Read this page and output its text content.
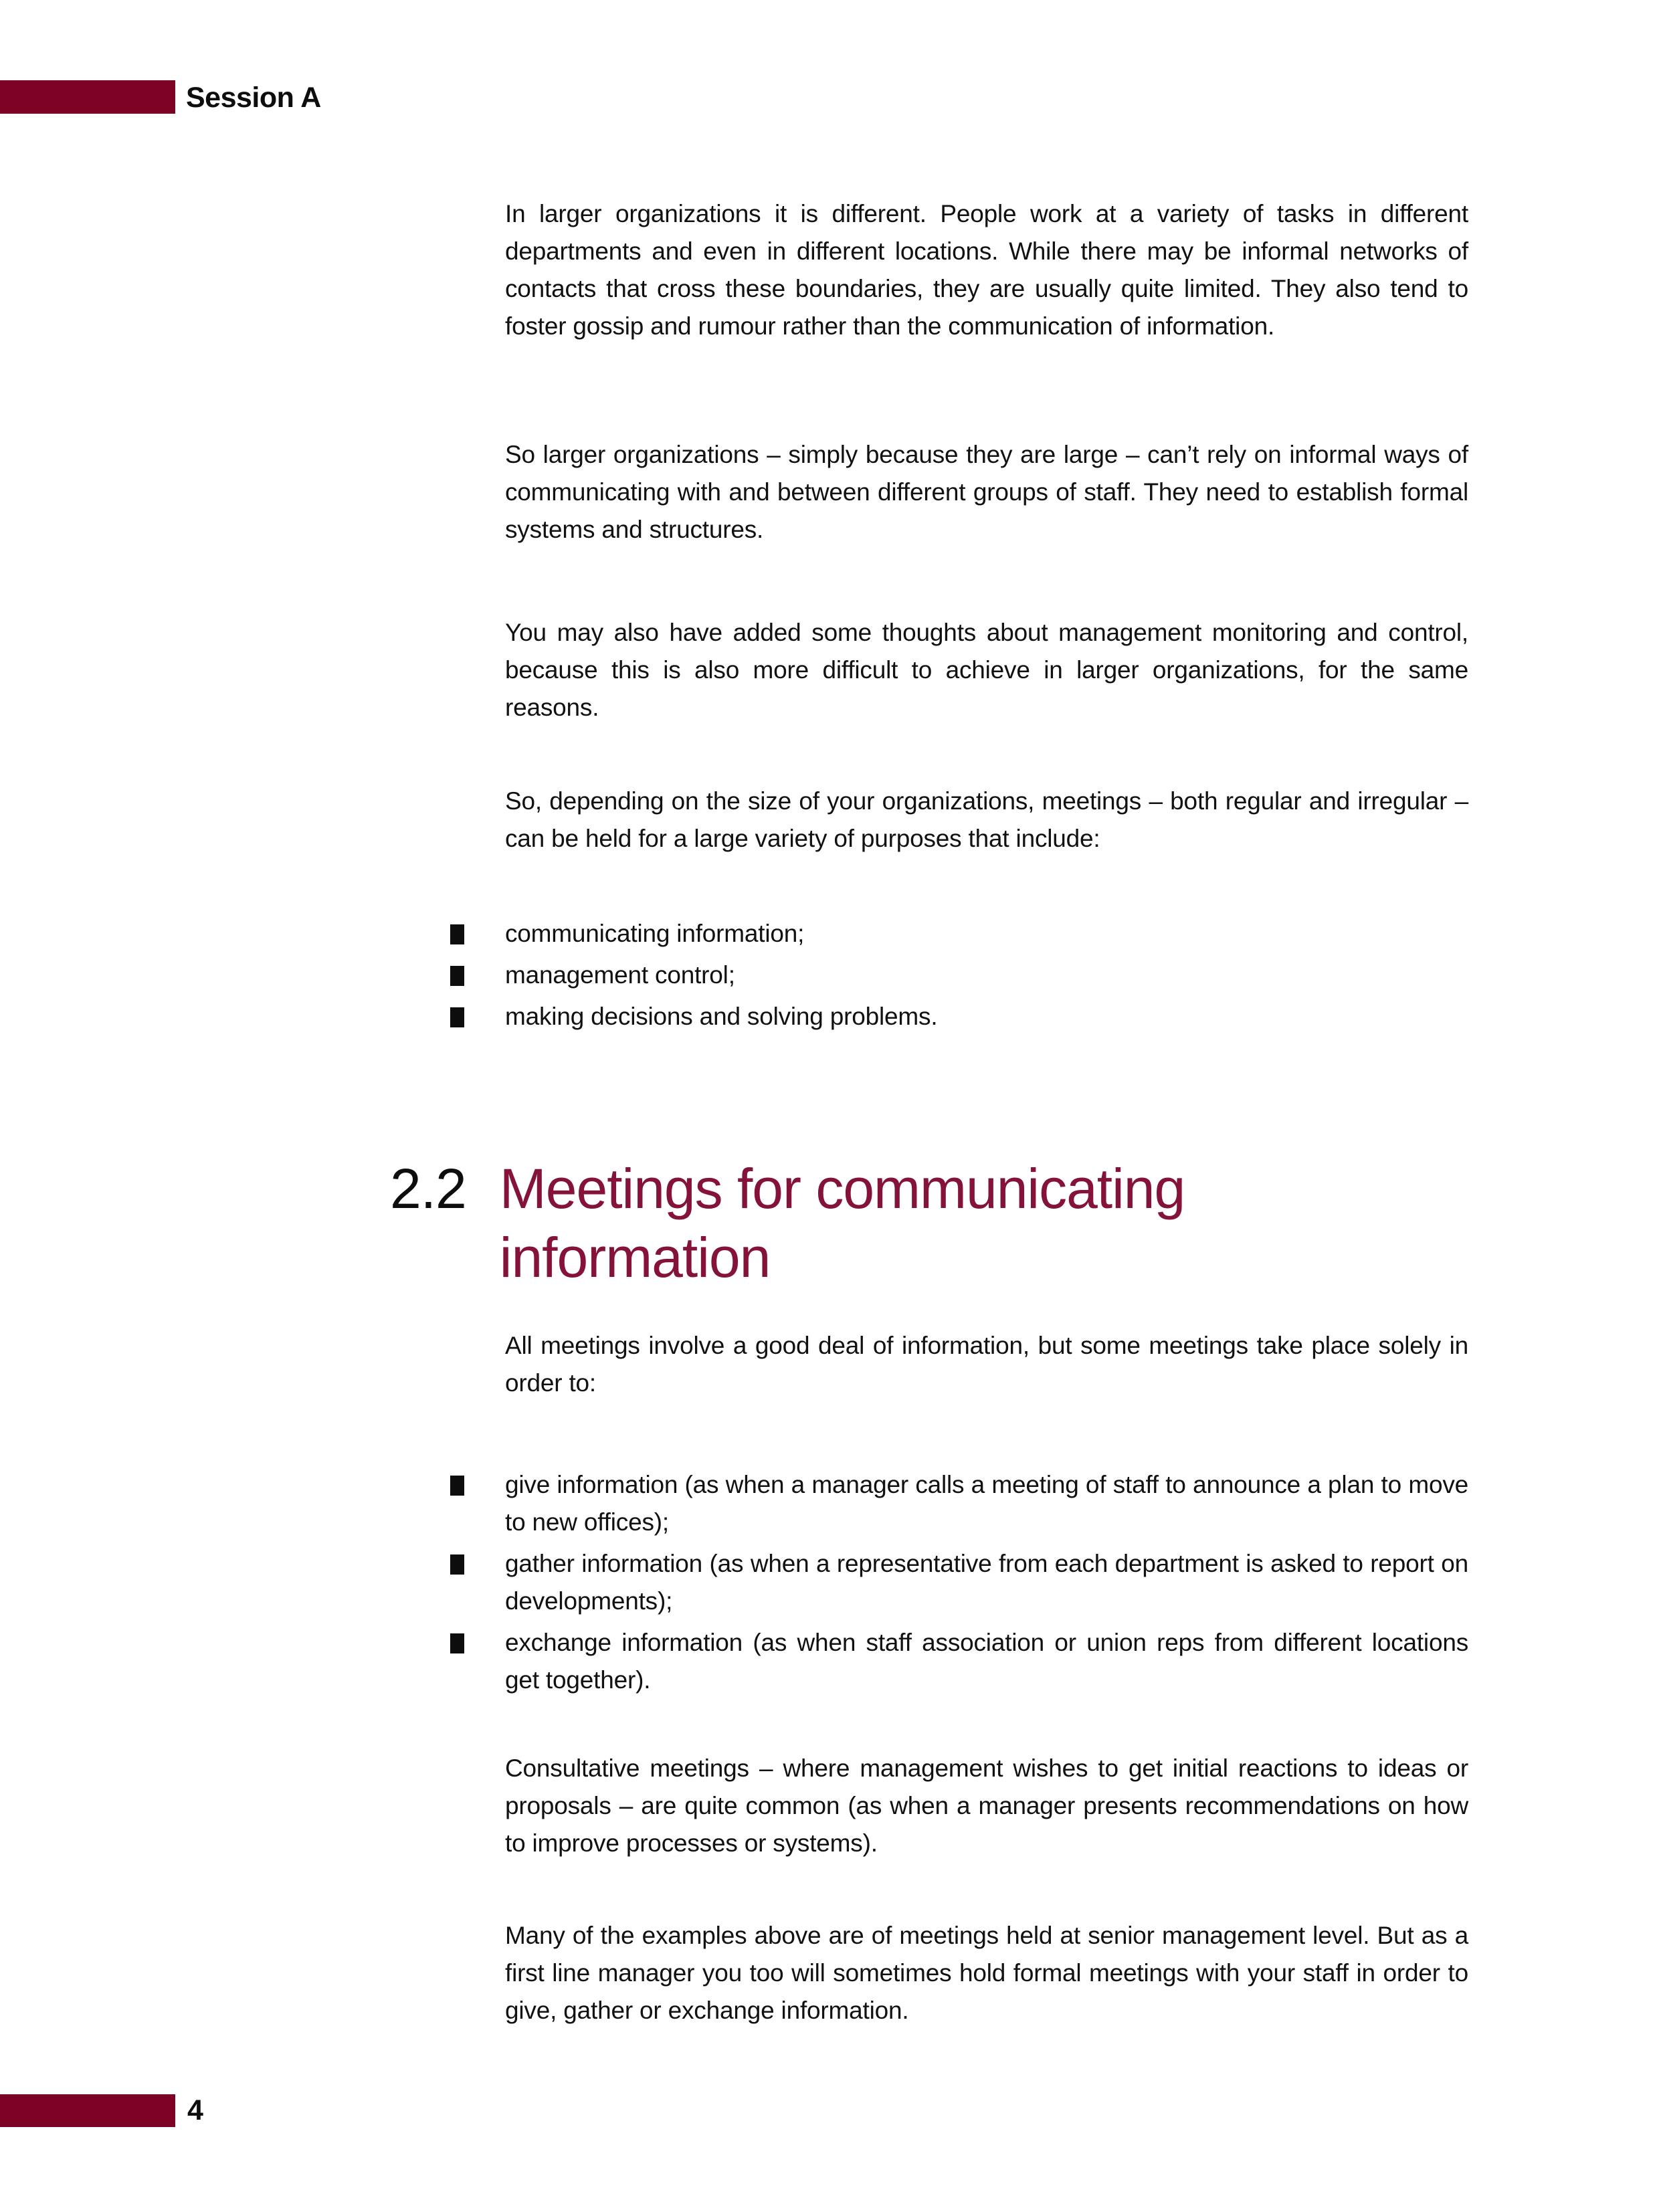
Session A

In larger organizations it is different. People work at a variety of tasks in different departments and even in different locations. While there may be informal networks of contacts that cross these boundaries, they are usually quite limited. They also tend to foster gossip and rumour rather than the communication of information.

So larger organizations – simply because they are large – can’t rely on informal ways of communicating with and between different groups of staff. They need to establish formal systems and structures.

You may also have added some thoughts about management monitoring and control, because this is also more difficult to achieve in larger organizations, for the same reasons.

So, depending on the size of your organizations, meetings – both regular and irregular – can be held for a large variety of purposes that include:

communicating information;
management control;
making decisions and solving problems.
2.2 Meetings for communicating information

All meetings involve a good deal of information, but some meetings take place solely in order to:

give information (as when a manager calls a meeting of staff to announce a plan to move to new offices);
gather information (as when a representative from each department is asked to report on developments);
exchange information (as when staff association or union reps from different locations get together).

Consultative meetings – where management wishes to get initial reactions to ideas or proposals – are quite common (as when a manager presents recommendations on how to improve processes or systems).

Many of the examples above are of meetings held at senior management level. But as a first line manager you too will sometimes hold formal meetings with your staff in order to give, gather or exchange information.

4
